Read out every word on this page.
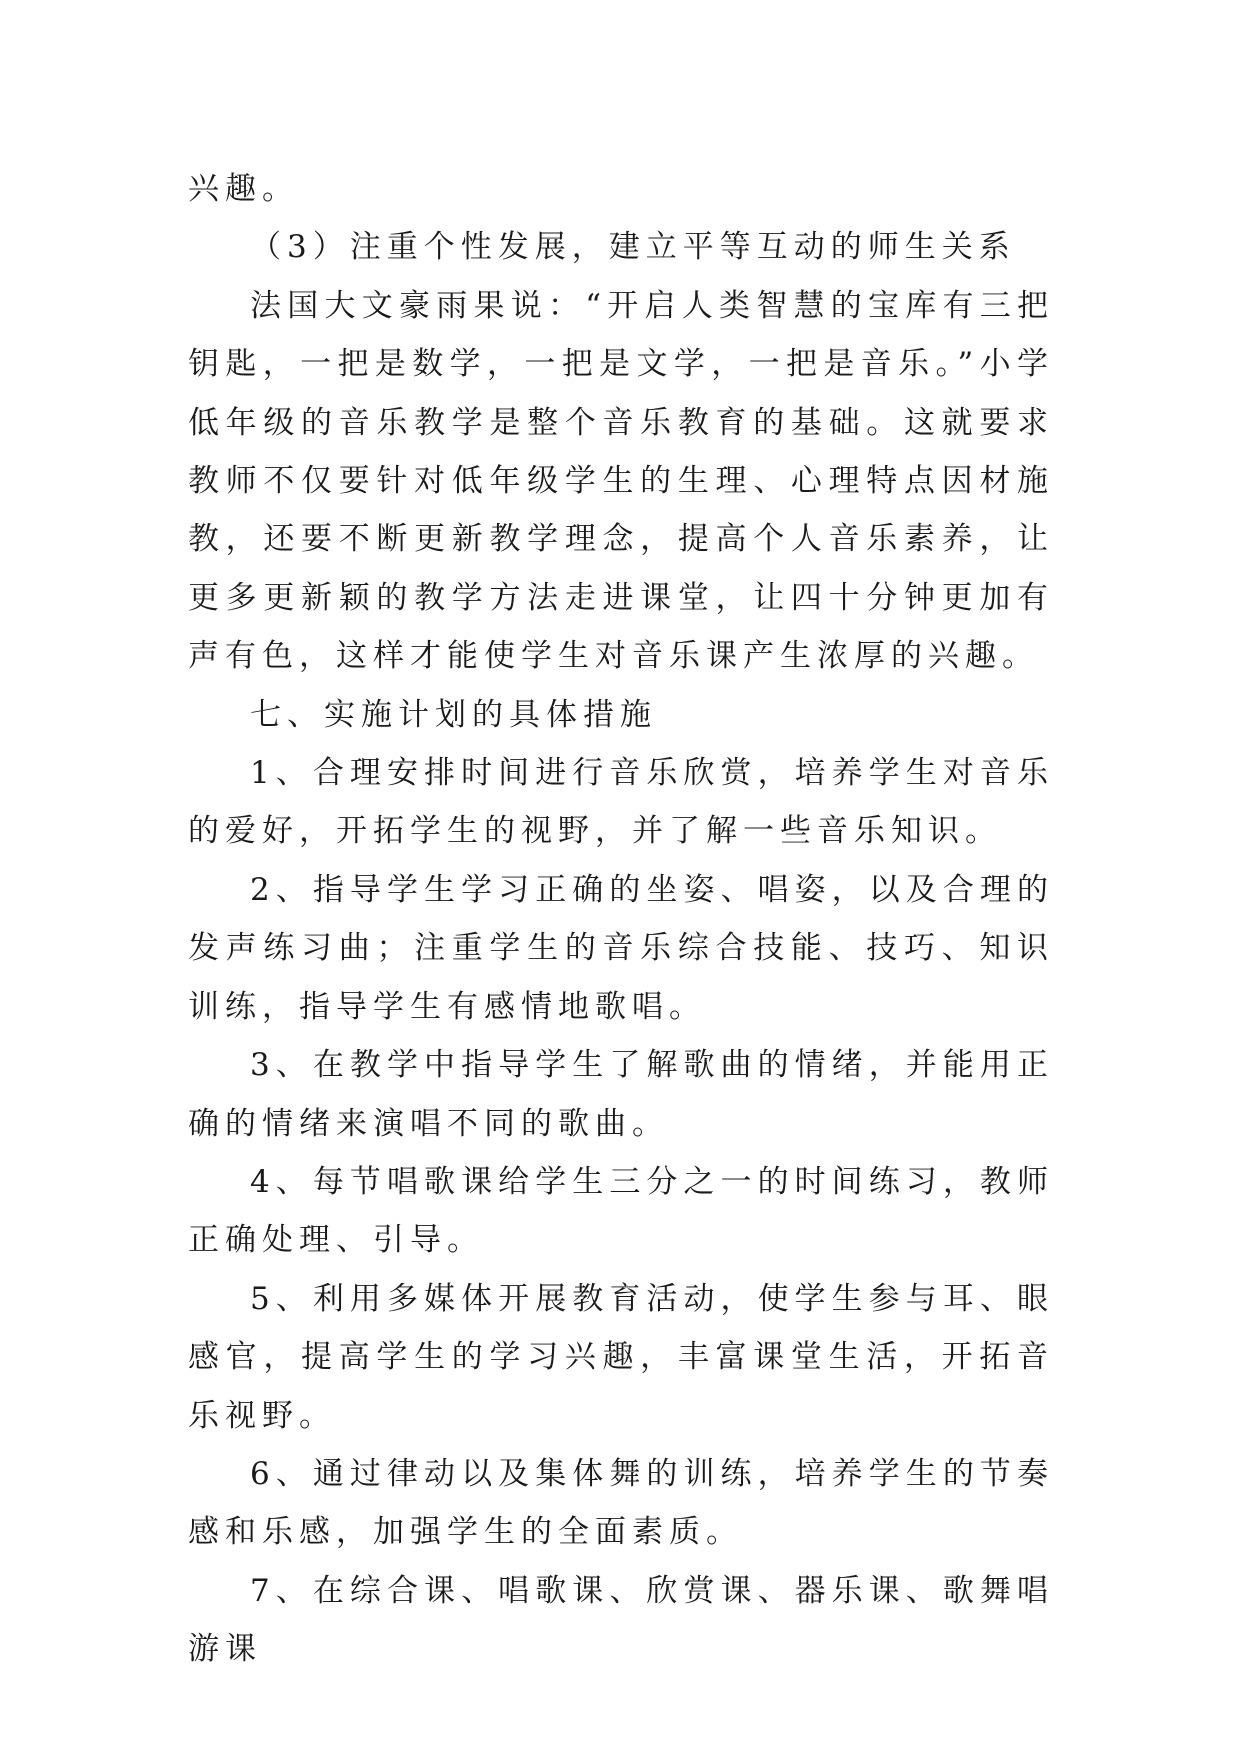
兴趣。

（3）注重个性发展，建立平等互动的师生关系

法国大文豪雨果说：“开启人类智慧的宝库有三把钥匙，一把是数学，一把是文学，一把是音乐。”小学低年级的音乐教学是整个音乐教育的基础。这就要求教师不仅要针对低年级学生的生理、心理特点因材施教，还要不断更新教学理念，提高个人音乐素养，让更多更新颖的教学方法走进课堂，让四十分钟更加有声有色，这样才能使学生对音乐课产生浓厚的兴趣。

七、实施计划的具体措施

1、合理安排时间进行音乐欣赏，培养学生对音乐的爱好，开拓学生的视野，并了解一些音乐知识。

2、指导学生学习正确的坐姿、唱姿，以及合理的发声练习曲；注重学生的音乐综合技能、技巧、知识训练，指导学生有感情地歌唱。

3、在教学中指导学生了解歌曲的情绪，并能用正确的情绪来演唱不同的歌曲。

4、每节唱歌课给学生三分之一的时间练习，教师正确处理、引导。

5、利用多媒体开展教育活动，使学生参与耳、眼感官，提高学生的学习兴趣，丰富课堂生活，开拓音乐视野。

6、通过律动以及集体舞的训练，培养学生的节奏感和乐感，加强学生的全面素质。

7、在综合课、唱歌课、欣赏课、器乐课、歌舞唱游课
